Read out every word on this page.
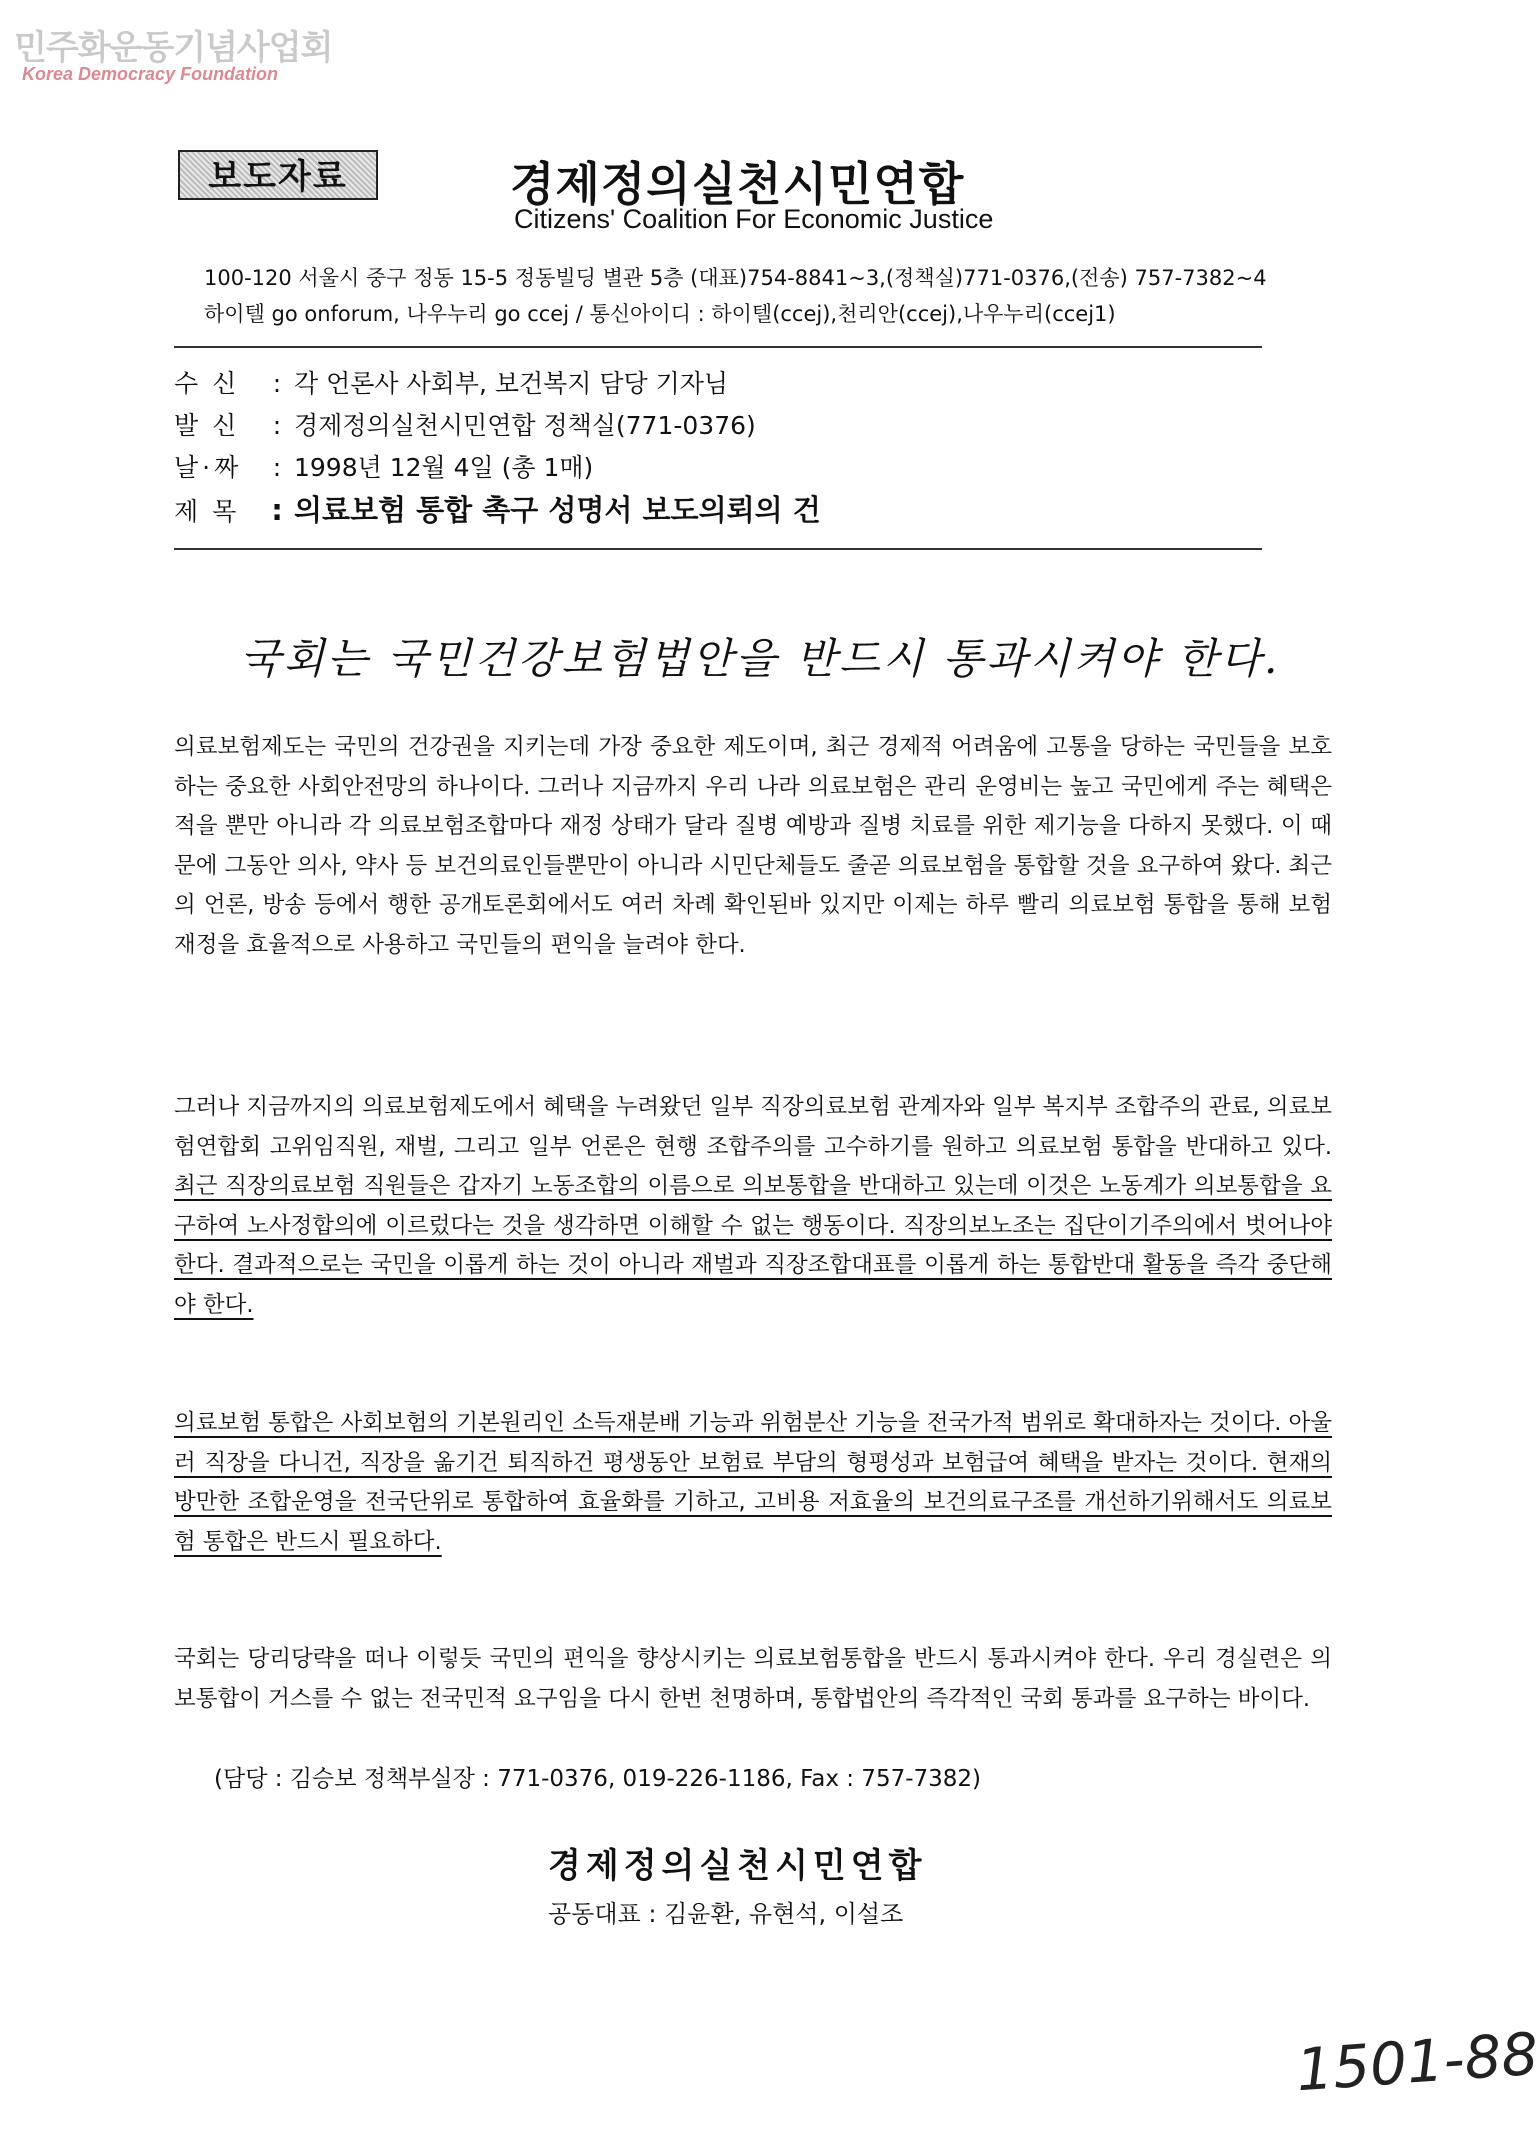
민주화운동기념사업회
Korea Democracy Foundation
보도자료	경제정의실천시민연합
Citizens' Coalition For Economic Justice
100-120 서울시 중구 정동 15-5 정동빌딩 별관 5층 (대표)754-8841~3,(정책실)771-0376,(전송) 757-7382~4
하이텔 go onforum, 나우누리 go ccej / 통신아이디 : 하이텔(ccej),천리안(ccej),나우누리(ccej1)
수신 : 각 언론사 사회부, 보건복지 담당 기자님
발신 : 경제정의실천시민연합 정책실(771-0376)
날·짜 : 1998년 12월 4일 (총 1매)
제목 : 의료보험 통합 촉구 성명서 보도의뢰의 건
국회는 국민건강보험법안을 반드시 통과시켜야 한다.
의료보험제도는 국민의 건강권을 지키는데 가장 중요한 제도이며, 최근 경제적 어려움에 고통을 당하는 국민들을 보호하는 중요한 사회안전망의 하나이다. 그러나 지금까지 우리 나라 의료보험은 관리 운영비는 높고 국민에게 주는 혜택은 적을 뿐만 아니라 각 의료보험조합마다 재정 상태가 달라 질병 예방과 질병 치료를 위한 제기능을 다하지 못했다. 이 때문에 그동안 의사, 약사 등 보건의료인들뿐만이 아니라 시민단체들도 줄곧 의료보험을 통합할 것을 요구하여 왔다. 최근의 언론, 방송 등에서 행한 공개토론회에서도 여러 차례 확인된바 있지만 이제는 하루 빨리 의료보험 통합을 통해 보험 재정을 효율적으로 사용하고 국민들의 편익을 늘려야 한다.
그러나 지금까지의 의료보험제도에서 혜택을 누려왔던 일부 직장의료보험 관계자와 일부 복지부 조합주의 관료, 의료보험연합회 고위임직원, 재벌, 그리고 일부 언론은 현행 조합주의를 고수하기를 원하고 의료보험 통합을 반대하고 있다. 최근 직장의료보험 직원들은 갑자기 노동조합의 이름으로 의보통합을 반대하고 있는데 이것은 노동계가 의보통합을 요구하여 노사정합의에 이르렀다는 것을 생각하면 이해할 수 없는 행동이다. 직장의보노조는 집단이기주의에서 벗어나야 한다. 결과적으로는 국민을 이롭게 하는 것이 아니라 재벌과 직장조합대표를 이롭게 하는 통합반대 활동을 즉각 중단해야 한다.
의료보험 통합은 사회보험의 기본원리인 소득재분배 기능과 위험분산 기능을 전국가적 범위로 확대하자는 것이다. 아울러 직장을 다니건, 직장을 옮기건 퇴직하건 평생동안 보험료 부담의 형평성과 보험급여 혜택을 받자는 것이다. 현재의 방만한 조합운영을 전국단위로 통합하여 효율화를 기하고, 고비용 저효율의 보건의료구조를 개선하기위해서도 의료보험 통합은 반드시 필요하다.
국회는 당리당략을 떠나 이렇듯 국민의 편익을 향상시키는 의료보험통합을 반드시 통과시켜야 한다. 우리 경실련은 의보통합이 거스를 수 없는 전국민적 요구임을 다시 한번 천명하며, 통합법안의 즉각적인 국회 통과를 요구하는 바이다.
(담당 : 김승보 정책부실장 : 771-0376, 019-226-1186, Fax : 757-7382)
경제정의실천시민연합
공동대표 : 김윤환, 유현석, 이설조
1501-88
